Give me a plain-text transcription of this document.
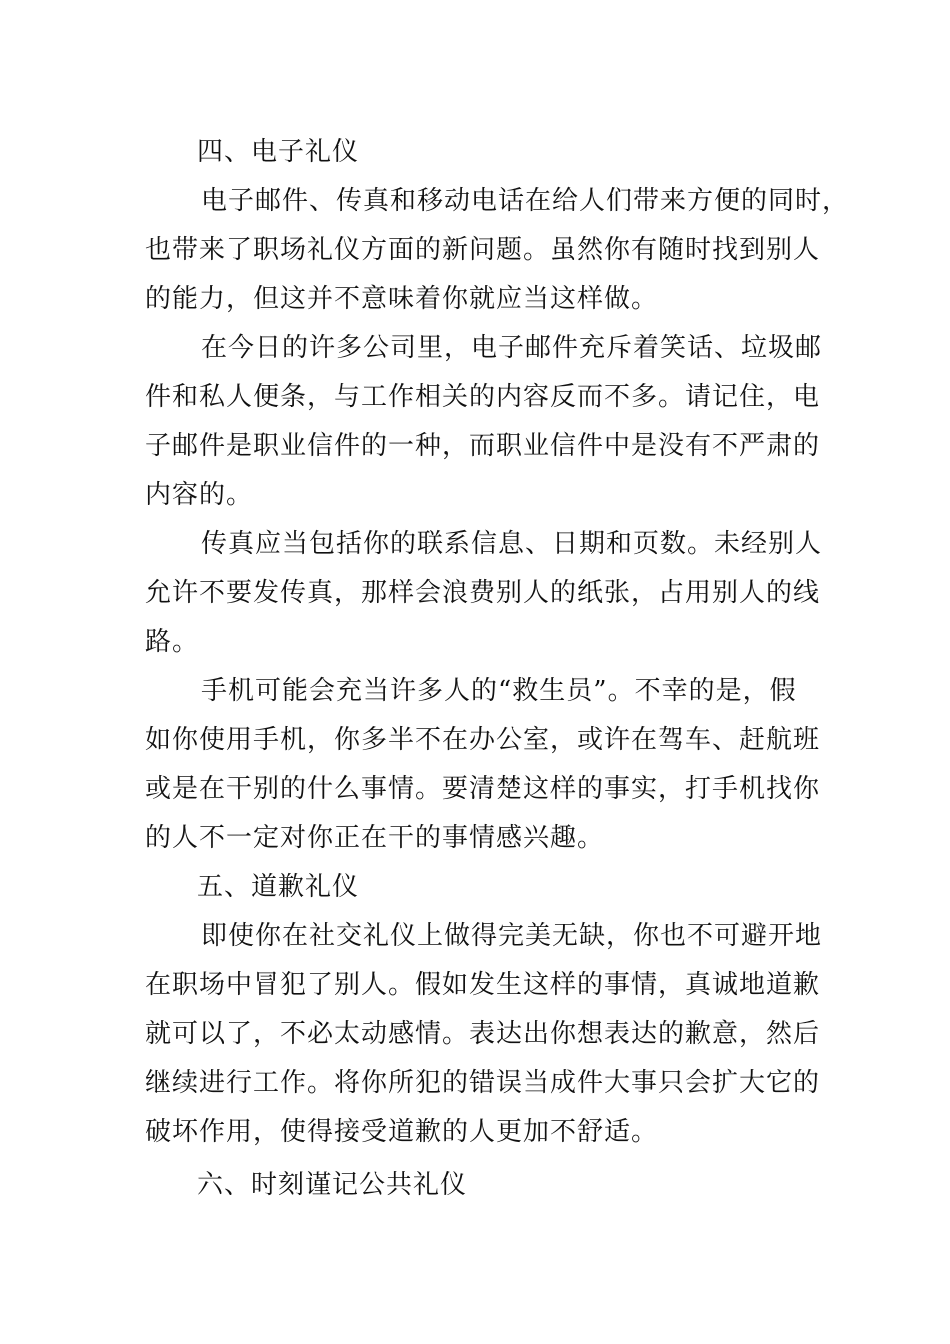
四、电子礼仪
电子邮件、传真和移动电话在给人们带来方便的同时，
也带来了职场礼仪方面的新问题。虽然你有随时找到别人
的能力，但这并不意味着你就应当这样做。
在今日的许多公司里，电子邮件充斥着笑话、垃圾邮
件和私人便条，与工作相关的内容反而不多。请记住，电
子邮件是职业信件的一种，而职业信件中是没有不严肃的
内容的。
传真应当包括你的联系信息、日期和页数。未经别人
允许不要发传真，那样会浪费别人的纸张，占用别人的线
路。
手机可能会充当许多人的“救生员”。不幸的是，假
如你使用手机，你多半不在办公室，或许在驾车、赶航班
或是在干别的什么事情。要清楚这样的事实，打手机找你
的人不一定对你正在干的事情感兴趣。
五、道歉礼仪
即使你在社交礼仪上做得完美无缺，你也不可避开地
在职场中冒犯了别人。假如发生这样的事情，真诚地道歉
就可以了，不必太动感情。表达出你想表达的歉意，然后
继续进行工作。将你所犯的错误当成件大事只会扩大它的
破坏作用，使得接受道歉的人更加不舒适。
六、时刻谨记公共礼仪
